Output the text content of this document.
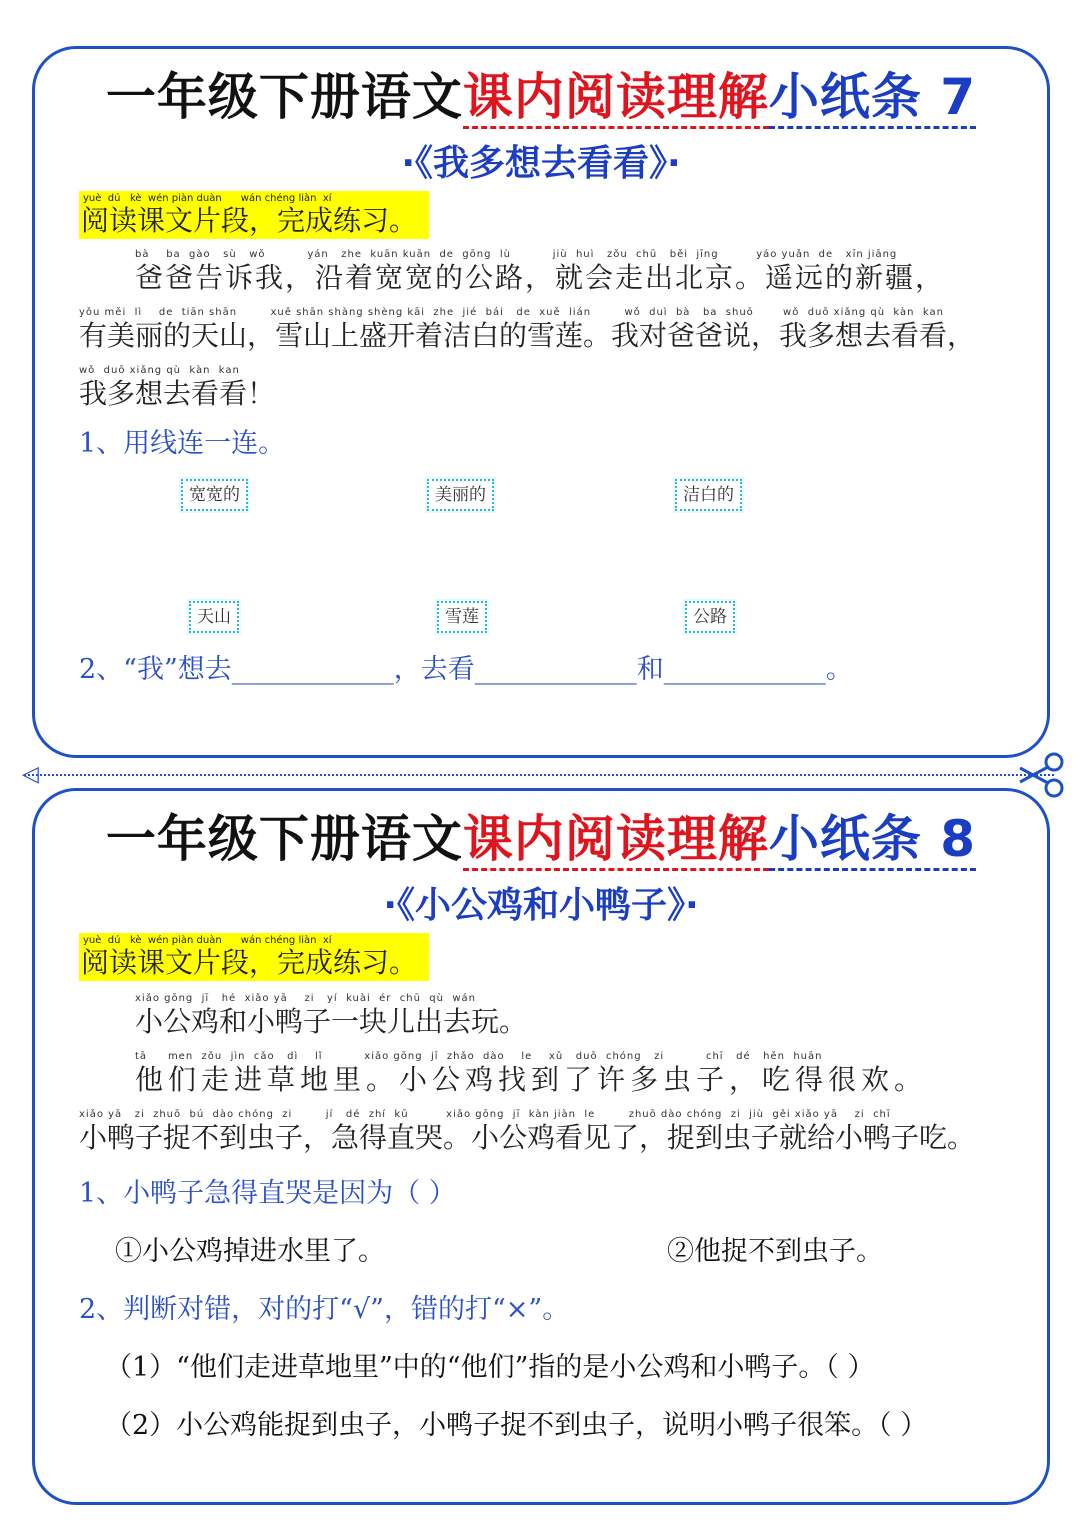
一年级下册语文课内阅读理解小纸条 7
·《我多想去看看》·
yuè  dú   kè  wén piàn duàn      wán chéng liàn  xí
阅读课文片段，完成练习。
bà    ba  gào   sù   wǒ          yán   zhe  kuān kuān  de  gōng  lù          jiù  huì   zǒu  chū   běi  jīng         yáo yuǎn  de   xīn jiāng
爸爸告诉我，沿着宽宽的公路，就会走出北京。遥远的新疆，
yǒu měi  lì    de  tiān shān        xuě shān shàng shèng kāi  zhe  jié  bái   de  xuě  lián        wǒ  duì  bà   ba  shuō       wǒ  duō xiǎng qù  kàn  kan
有美丽的天山，雪山上盛开着洁白的雪莲。我对爸爸说，我多想去看看，
wǒ  duō xiǎng qù  kàn  kan
我多想去看看！
1、用线连一连。
宽宽的	美丽的	洁白的
天山	雪莲	公路
2、“我”想去____________，去看____________和____________。
◁
一年级下册语文课内阅读理解小纸条 8
·《小公鸡和小鸭子》·
yuè  dú   kè  wén piàn duàn      wán chéng liàn  xí
阅读课文片段，完成练习。
xiǎo gōng  jī   hé  xiǎo yā    zi   yí  kuài  ér  chū  qù  wán
小公鸡和小鸭子一块儿出去玩。
tā     men  zǒu  jìn  cǎo   dì    lǐ          xiǎo gōng  jī  zhǎo  dào    le    xǔ   duō  chóng   zi          chī   dé   hěn  huān
他们走进草地里。小公鸡找到了许多虫子，吃得很欢。
xiǎo yā   zi  zhuō  bú  dào chóng  zi        jí   dé  zhí  kū         xiǎo gōng  jī  kàn jiàn  le        zhuō dào chóng  zi  jiù  gěi xiǎo yā    zi  chī
小鸭子捉不到虫子，急得直哭。小公鸡看见了，捉到虫子就给小鸭子吃。
1、小鸭子急得直哭是因为（ ）
①小公鸡掉进水里了。	②他捉不到虫子。
2、判断对错，对的打“√”，错的打“×”。
（1）“他们走进草地里”中的“他们”指的是小公鸡和小鸭子。（ ）
（2）小公鸡能捉到虫子，小鸭子捉不到虫子，说明小鸭子很笨。（ ）
